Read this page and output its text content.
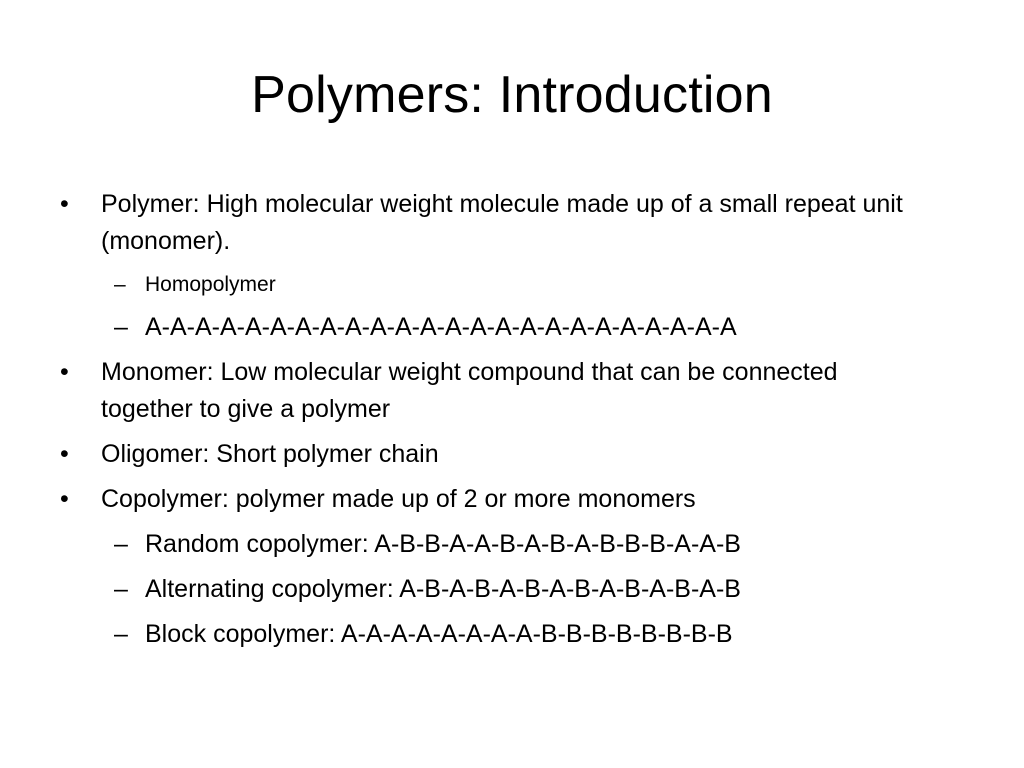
Polymers: Introduction
•	Polymer: High molecular weight molecule made up of a small repeat unit (monomer).
– Homopolymer
– A-A-A-A-A-A-A-A-A-A-A-A-A-A-A-A-A-A-A-A-A-A-A-A
•	Monomer: Low molecular weight compound that can be connected together to give a polymer
•	Oligomer: Short polymer chain
•	Copolymer: polymer made up of 2 or more monomers
– Random copolymer: A-B-B-A-A-B-A-B-A-B-B-B-A-A-B
– Alternating copolymer: A-B-A-B-A-B-A-B-A-B-A-B-A-B
– Block copolymer: A-A-A-A-A-A-A-A-B-B-B-B-B-B-B-B
